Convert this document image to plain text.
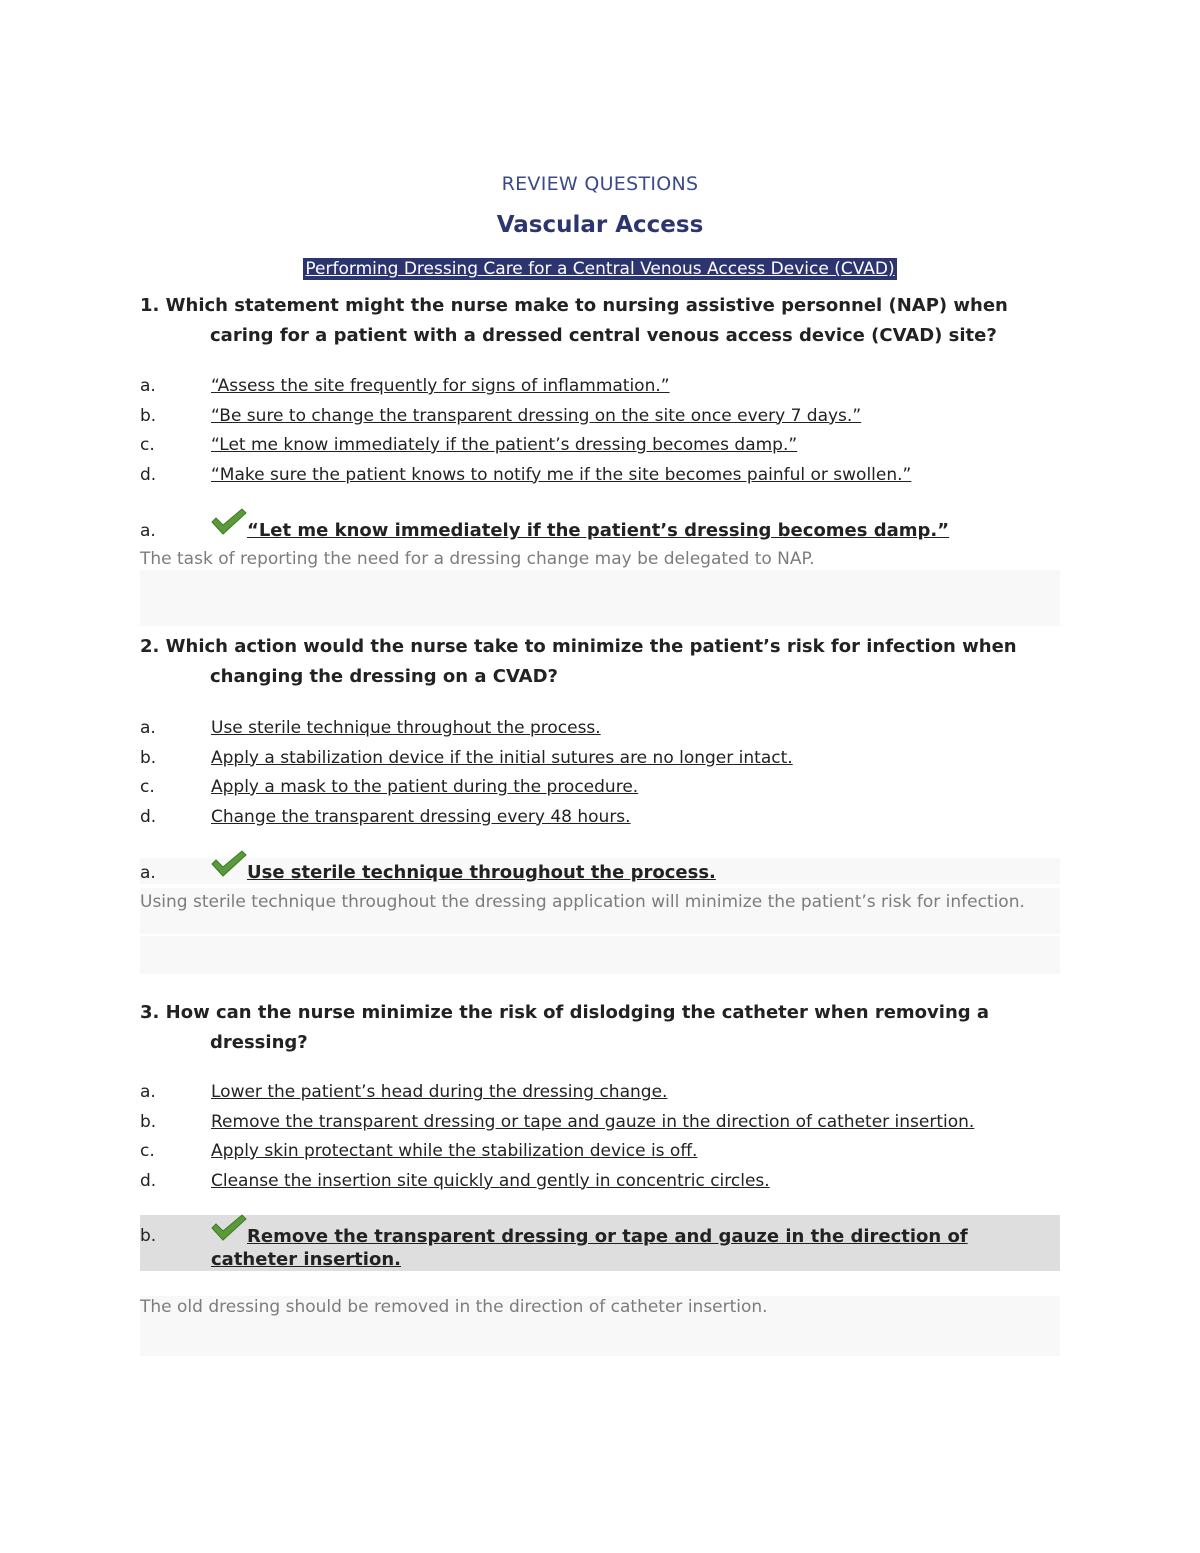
REVIEW QUESTIONS
Vascular Access
Performing Dressing Care for a Central Venous Access Device (CVAD)
1. Which statement might the nurse make to nursing assistive personnel (NAP) when caring for a patient with a dressed central venous access device (CVAD) site?
a.	“Assess the site frequently for signs of inflammation.”
b.	“Be sure to change the transparent dressing on the site once every 7 days.”
c.	“Let me know immediately if the patient’s dressing becomes damp.”
d.	“Make sure the patient knows to notify me if the site becomes painful or swollen.”
a.	“Let me know immediately if the patient’s dressing becomes damp.”
The task of reporting the need for a dressing change may be delegated to NAP.
2. Which action would the nurse take to minimize the patient’s risk for infection when changing the dressing on a CVAD?
a.	Use sterile technique throughout the process.
b.	Apply a stabilization device if the initial sutures are no longer intact.
c.	Apply a mask to the patient during the procedure.
d.	Change the transparent dressing every 48 hours.
a.	Use sterile technique throughout the process.
Using sterile technique throughout the dressing application will minimize the patient’s risk for infection.
3. How can the nurse minimize the risk of dislodging the catheter when removing a dressing?
a.	Lower the patient’s head during the dressing change.
b.	Remove the transparent dressing or tape and gauze in the direction of catheter insertion.
c.	Apply skin protectant while the stabilization device is off.
d.	Cleanse the insertion site quickly and gently in concentric circles.
b.	Remove the transparent dressing or tape and gauze in the direction of catheter insertion.
The old dressing should be removed in the direction of catheter insertion.
